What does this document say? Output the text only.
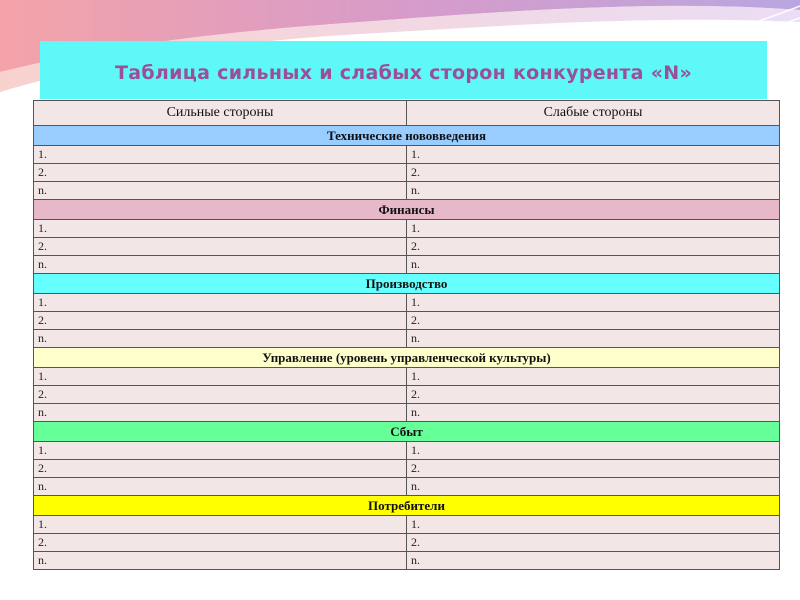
Таблица сильных и слабых сторон конкурента «N»
Сильные стороны	Слабые стороны
Технические нововведения	
1.	1.
2.	2.
n.	n.
Финансы	
1.	1.
2.	2.
n.	n.
Производство	
1.	1.
2.	2.
n.	n.
Управление (уровень управленческой культуры)	
1.	1.
2.	2.
n.	n.
Сбыт	
1.	1.
2.	2.
n.	n.
Потребители	
1.	1.
2.	2.
n.	n.
